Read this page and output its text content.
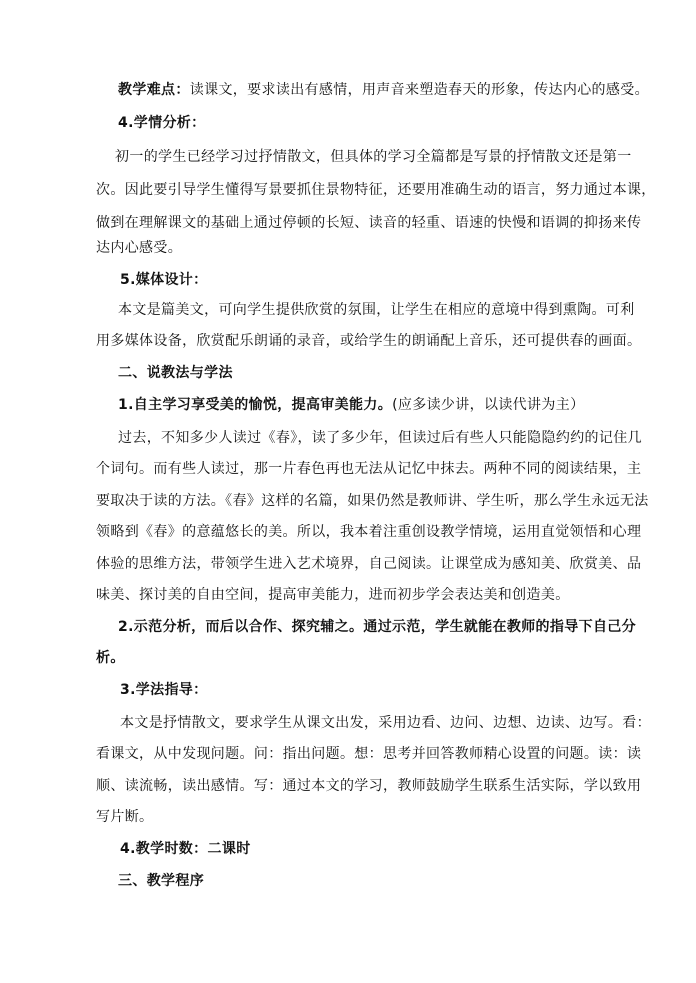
教学难点：读课文，要求读出有感情，用声音来塑造春天的形象，传达内心的感受。
4.学情分析：
初一的学生已经学习过抒情散文，但具体的学习全篇都是写景的抒情散文还是第一
次。因此要引导学生懂得写景要抓住景物特征，还要用准确生动的语言，努力通过本课，
做到在理解课文的基础上通过停顿的长短、读音的轻重、语速的快慢和语调的抑扬来传
达内心感受。
5.媒体设计：
本文是篇美文，可向学生提供欣赏的氛围，让学生在相应的意境中得到熏陶。可利
用多媒体设备，欣赏配乐朗诵的录音，或给学生的朗诵配上音乐，还可提供春的画面。
二、说教法与学法
1.自主学习享受美的愉悦，提高审美能力。(应多读少讲，以读代讲为主）
过去，不知多少人读过《春》，读了多少年，但读过后有些人只能隐隐约约的记住几
个词句。而有些人读过，那一片春色再也无法从记忆中抹去。两种不同的阅读结果，主
要取决于读的方法。《春》这样的名篇，如果仍然是教师讲、学生听，那么学生永远无法
领略到《春》的意蕴悠长的美。所以，我本着注重创设教学情境，运用直觉领悟和心理
体验的思维方法，带领学生进入艺术境界，自己阅读。让课堂成为感知美、欣赏美、品
味美、探讨美的自由空间，提高审美能力，进而初步学会表达美和创造美。
2.示范分析，而后以合作、探究辅之。通过示范，学生就能在教师的指导下自己分
析。
3.学法指导：
本文是抒情散文，要求学生从课文出发，采用边看、边问、边想、边读、边写。看：
看课文，从中发现问题。问：指出问题。想：思考并回答教师精心设置的问题。读：读
顺、读流畅，读出感情。写：通过本文的学习，教师鼓励学生联系生活实际，学以致用
写片断。
4.教学时数：二课时
三、教学程序
